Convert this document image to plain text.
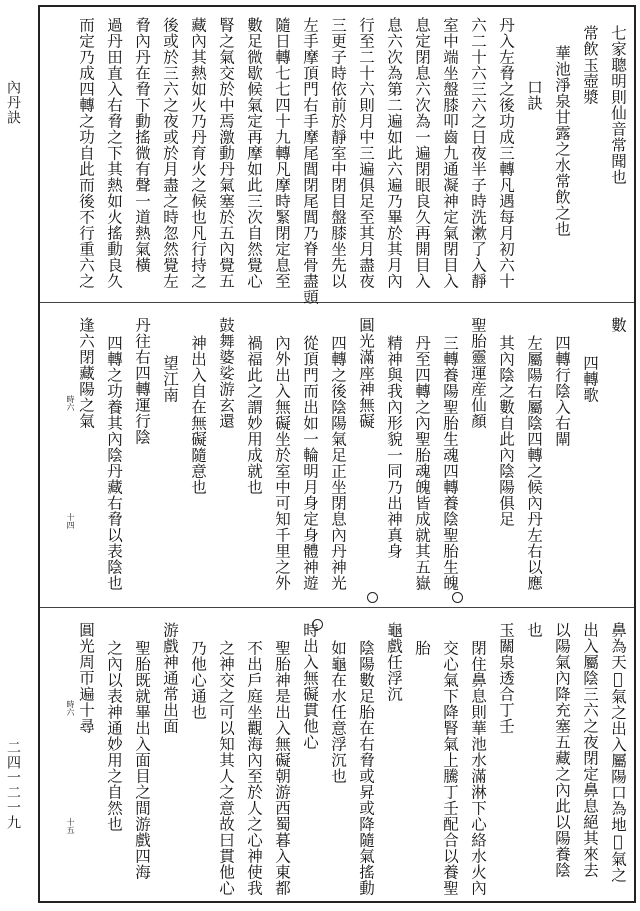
內丹訣
二四一二一九
七家聰明則仙音常聞也
常飲玉壺漿
華池淨泉甘露之水常飲之也
口訣
丹入左脅之後功成三轉凡遇每月初六十
六二十六三六之日夜半子時洗漱了入靜
室中端坐盤膝叩齒九通凝神定氣閉目入
息定閉息六次為一遍閉眼良久再開目入
息六次為第二遍如此六遍乃畢於其月內
行至二十六則月中三遍俱足至其月盡夜
三更子時依前於靜室中閉目盤膝坐先以
左手摩頂門右手摩尾閭閉尾閭乃脊骨盡頭
隨日轉七七四十九轉凡摩時緊閉定息至
數足微歇候氣定再摩如此三次自然覺心
腎之氣交於中焉激動丹氣塞於五內覺五
藏內其熱如火乃丹育火之候也凡行持之
後或於三六之夜或於月盡之時忽然覺左
脅內丹在脅下動搖微有聲一道熱氣橫
過丹田直入右脅之下其熱如火搖動良久
而定乃成四轉之功自此而後不行重六之
數
四轉歌
四轉行陰入右閘
左屬陽右屬陰四轉之候內丹左右以應
其內陰之數自此內陰陽俱足
聖胎靈運産仙顏
三轉養陽聖胎生魂四轉養陰聖胎生魄
丹至四轉之內聖胎魂魄皆成就其五嶽
精神與我內形貌一同乃出神真身
圓光滿座神無礙
四轉之後陰陽氣足正坐閉息內丹神光
從頂門而出如一輪明月身定身體神遊
內外出入無礙坐於室中可知千里之外
禍福此之謂妙用成就也
鼓舞婆娑游玄還
神出入自在無礙隨意也
望江南
丹往右四轉運行陰
四轉之功養其內陰丹藏右脅以表陰也
逢六閉藏陽之氣
時六
十四
鼻為天𥩟氣之出入屬陽口為地𥩟氣之
出入屬陰三六之夜閉定鼻息絕其來去
以陽氣內降充塞五藏之內此以陽養陰
也
玉關泉透合丁壬
閉住鼻息則華池水滿淋下心絡水火內
交心氣下降腎氣上騰丁壬配合以養聖
胎
龜戲任浮沉
陰陽數足胎在右脅或昇或降隨氣搖動
如龜在水任意浮沉也
時出入無礙貫他心
聖胎神是出入無礙朝游西蜀暮入東都
不出戶庭坐觀海內至於人之心神使我
之神交之可以知其人之意故曰貫他心
乃他心通也
游戲神通常出面
聖胎既就畢出入面目之間游戲四海
之內以表神通妙用之自然也
圓光周帀遍十尋
時六
十五
